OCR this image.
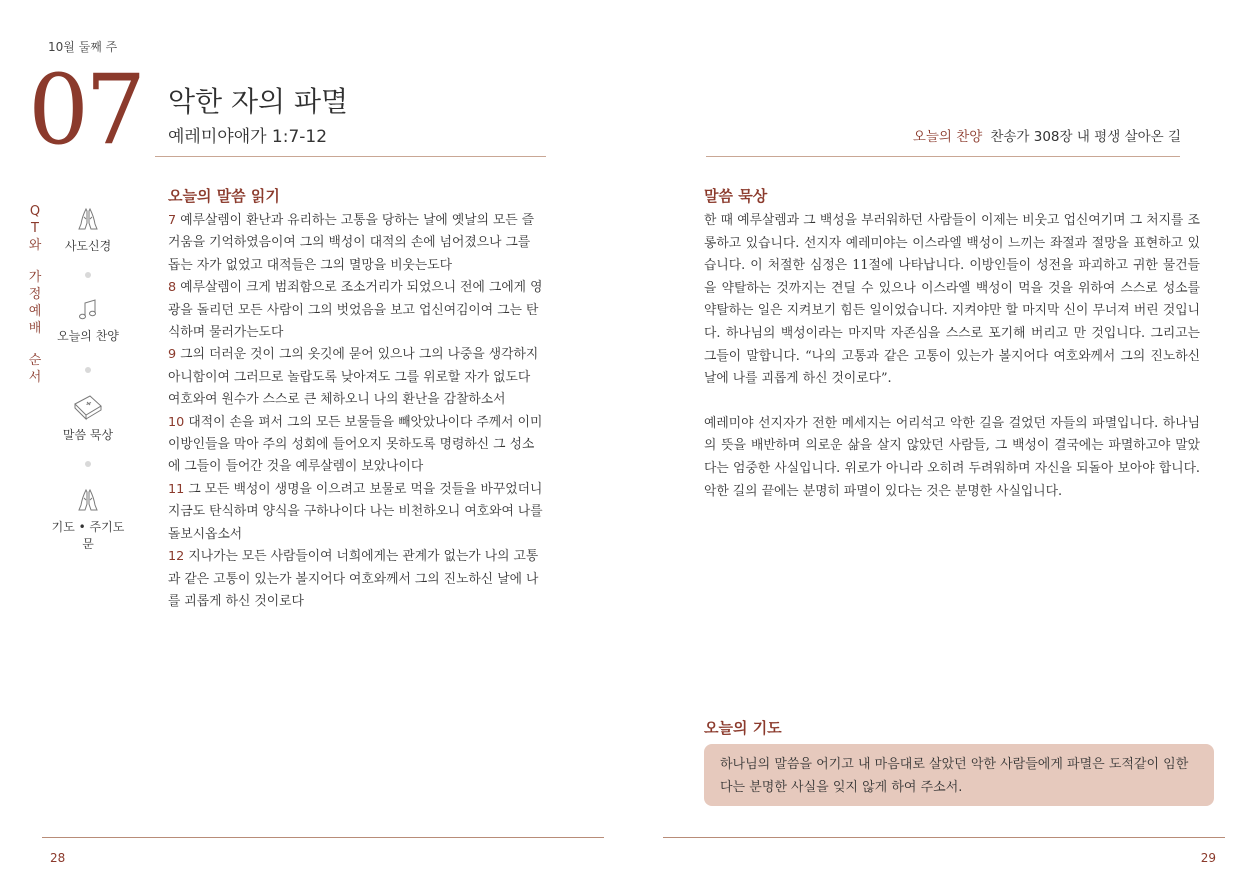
10월 둘째 주
07 악한 자의 파멸
예레미야애가 1:7-12	오늘의 찬양 찬송가 308장 내 평생 살아온 길
Q
T
와
가
정
예
배
순
서
사도신경
오늘의 찬양
말씀 묵상
기도 • 주기도문
오늘의 말씀 읽기
7 예루살렘이 환난과 유리하는 고통을 당하는 날에 옛날의 모든 즐거움을 기억하였음이여 그의 백성이 대적의 손에 넘어졌으나 그를 돕는 자가 없었고 대적들은 그의 멸망을 비웃는도다
8 예루살렘이 크게 범죄함으로 조소거리가 되었으니 전에 그에게 영광을 돌리던 모든 사람이 그의 벗었음을 보고 업신여김이여 그는 탄식하며 물러가는도다
9 그의 더러운 것이 그의 옷깃에 묻어 있으나 그의 나중을 생각하지 아니함이여 그러므로 놀랍도록 낮아져도 그를 위로할 자가 없도다 여호와여 원수가 스스로 큰 체하오니 나의 환난을 감찰하소서
10 대적이 손을 펴서 그의 모든 보물들을 빼앗았나이다 주께서 이미 이방인들을 막아 주의 성회에 들어오지 못하도록 명령하신 그 성소에 그들이 들어간 것을 예루살렘이 보았나이다
11 그 모든 백성이 생명을 이으려고 보물로 먹을 것들을 바꾸었더니 지금도 탄식하며 양식을 구하나이다 나는 비천하오니 여호와여 나를 돌보시옵소서
12 지나가는 모든 사람들이여 너희에게는 관계가 없는가 나의 고통과 같은 고통이 있는가 볼지어다 여호와께서 그의 진노하신 날에 나를 괴롭게 하신 것이로다
말씀 묵상

한 때 예루살렘과 그 백성을 부러워하던 사람들이 이제는 비웃고 업신여기며 그 처지를 조롱하고 있습니다. 선지자 예레미야는 이스라엘 백성이 느끼는 좌절과 절망을 표현하고 있습니다. 이 처절한 심정은 11절에 나타납니다. 이방인들이 성전을 파괴하고 귀한 물건들을 약탈하는 것까지는 견딜 수 있으나 이스라엘 백성이 먹을 것을 위하여 스스로 성소를 약탈하는 일은 지켜보기 힘든 일이었습니다. 지켜야만 할 마지막 신이 무너져 버린 것입니다. 하나님의 백성이라는 마지막 자존심을 스스로 포기해 버리고 만 것입니다. 그리고는 그들이 말합니다. “나의 고통과 같은 고통이 있는가 볼지어다 여호와께서 그의 진노하신 날에 나를 괴롭게 하신 것이로다”.

예레미야 선지자가 전한 메세지는 어리석고 악한 길을 걸었던 자들의 파멸입니다. 하나님의 뜻을 배반하며 의로운 삶을 살지 않았던 사람들, 그 백성이 결국에는 파멸하고야 말았다는 엄중한 사실입니다. 위로가 아니라 오히려 두려워하며 자신을 되돌아 보아야 합니다. 악한 길의 끝에는 분명히 파멸이 있다는 것은 분명한 사실입니다.

오늘의 기도
하나님의 말씀을 어기고 내 마음대로 살았던 악한 사람들에게 파멸은 도적같이 임한다는 분명한 사실을 잊지 않게 하여 주소서.
28	29
